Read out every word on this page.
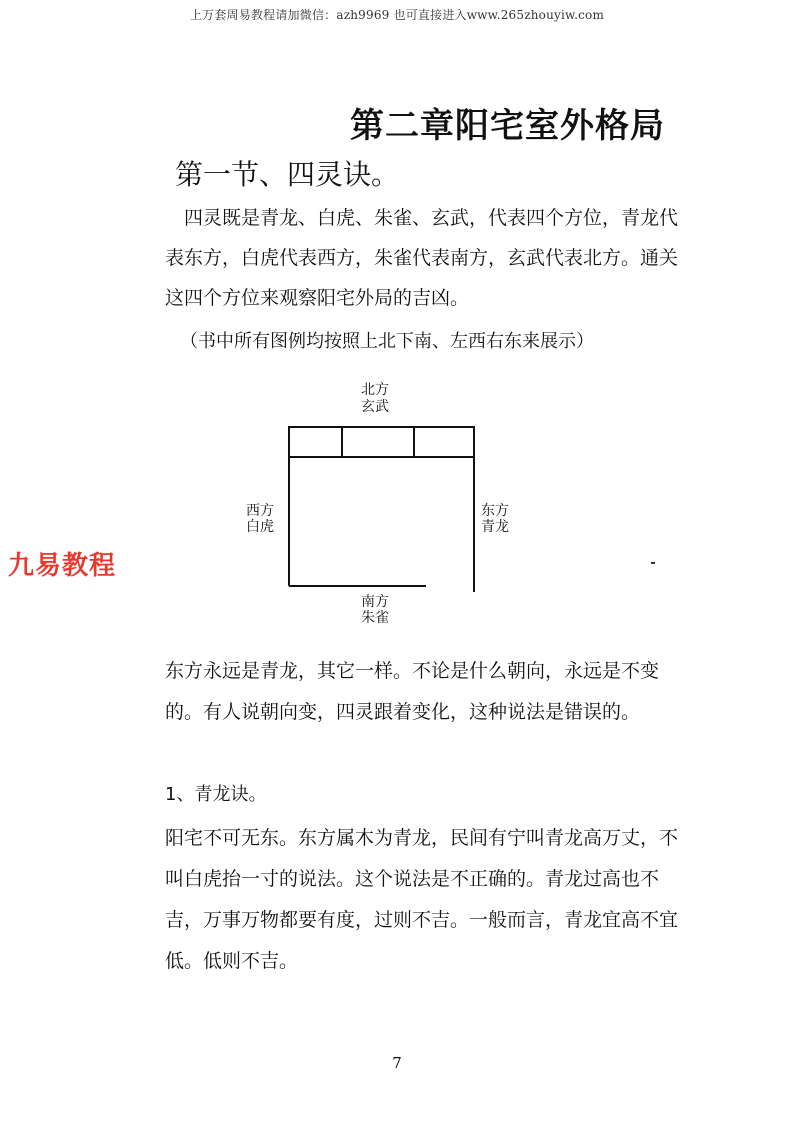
上万套周易教程请加微信：azh9969 也可直接进入www.265zhouyiw.com
第二章阳宅室外格局
第一节、四灵诀。

四灵既是青龙、白虎、朱雀、玄武，代表四个方位，青龙代表东方，白虎代表西方，朱雀代表南方，玄武代表北方。通关这四个方位来观察阳宅外局的吉凶。

（书中所有图例均按照上北下南、左西右东来展示）
北方
玄武
西方
白虎
东方
青龙
南方
朱雀
九易教程

东方永远是青龙，其它一样。不论是什么朝向，永远是不变的。有人说朝向变，四灵跟着变化，这种说法是错误的。

1、青龙诀。

阳宅不可无东。东方属木为青龙，民间有宁叫青龙高万丈，不叫白虎抬一寸的说法。这个说法是不正确的。青龙过高也不吉，万事万物都要有度，过则不吉。一般而言，青龙宜高不宜低。低则不吉。

7
